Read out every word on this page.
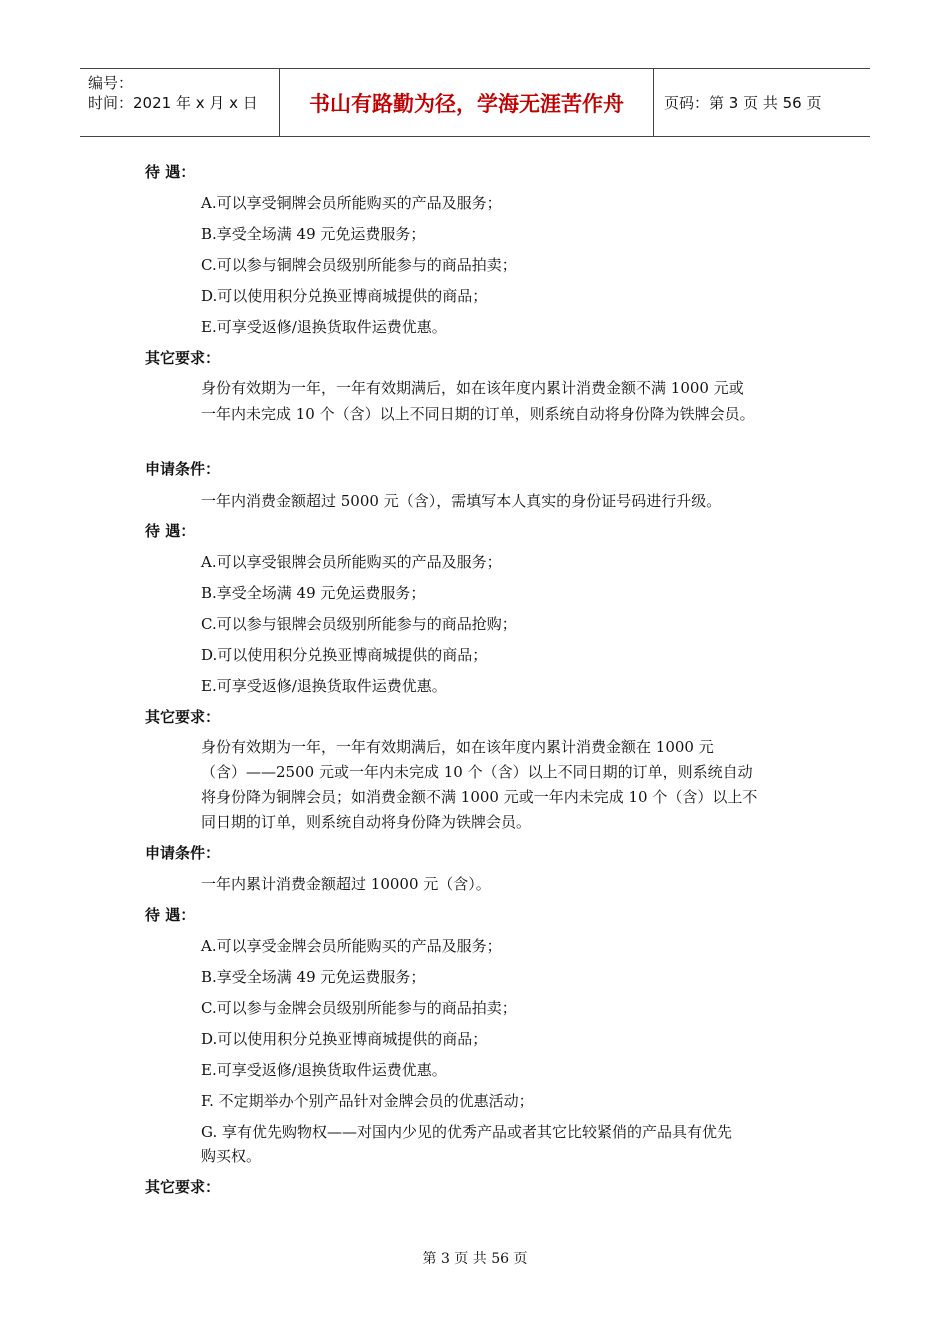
编号：
时间：2021 年 x 月 x 日	书山有路勤为径，学海无涯苦作舟	页码：第 3 页 共 56 页
待 遇：
A.可以享受铜牌会员所能购买的产品及服务；
B.享受全场满 49 元免运费服务；
C.可以参与铜牌会员级别所能参与的商品拍卖；
D.可以使用积分兑换亚博商城提供的商品；
E.可享受返修/退换货取件运费优惠。
其它要求：
身份有效期为一年，一年有效期满后，如在该年度内累计消费金额不满 1000 元或
一年内未完成 10 个（含）以上不同日期的订单，则系统自动将身份降为铁牌会员。
申请条件：
一年内消费金额超过 5000 元（含），需填写本人真实的身份证号码进行升级。
待 遇：
A.可以享受银牌会员所能购买的产品及服务；
B.享受全场满 49 元免运费服务；
C.可以参与银牌会员级别所能参与的商品抢购；
D.可以使用积分兑换亚博商城提供的商品；
E.可享受返修/退换货取件运费优惠。
其它要求：
身份有效期为一年，一年有效期满后，如在该年度内累计消费金额在 1000 元
（含）——2500 元或一年内未完成 10 个（含）以上不同日期的订单，则系统自动
将身份降为铜牌会员；如消费金额不满 1000 元或一年内未完成 10 个（含）以上不
同日期的订单，则系统自动将身份降为铁牌会员。
申请条件：
一年内累计消费金额超过 10000 元（含）。
待 遇：
A.可以享受金牌会员所能购买的产品及服务；
B.享受全场满 49 元免运费服务；
C.可以参与金牌会员级别所能参与的商品拍卖；
D.可以使用积分兑换亚博商城提供的商品；
E.可享受返修/退换货取件运费优惠。
F. 不定期举办个别产品针对金牌会员的优惠活动；
G. 享有优先购物权——对国内少见的优秀产品或者其它比较紧俏的产品具有优先
购买权。
其它要求：
第 3 页 共 56 页
